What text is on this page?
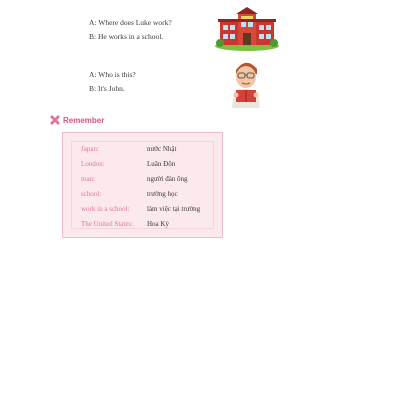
A: Where does Luke work?

B: He works in a school.

A: Who is this?

B: It's John.

Remember
Japan:	nước Nhật
London:	Luân Đôn
man:	người đàn ông
school:	trường học
work in a school:	làm việc tại trường
The United States: Hoa Kỳ
